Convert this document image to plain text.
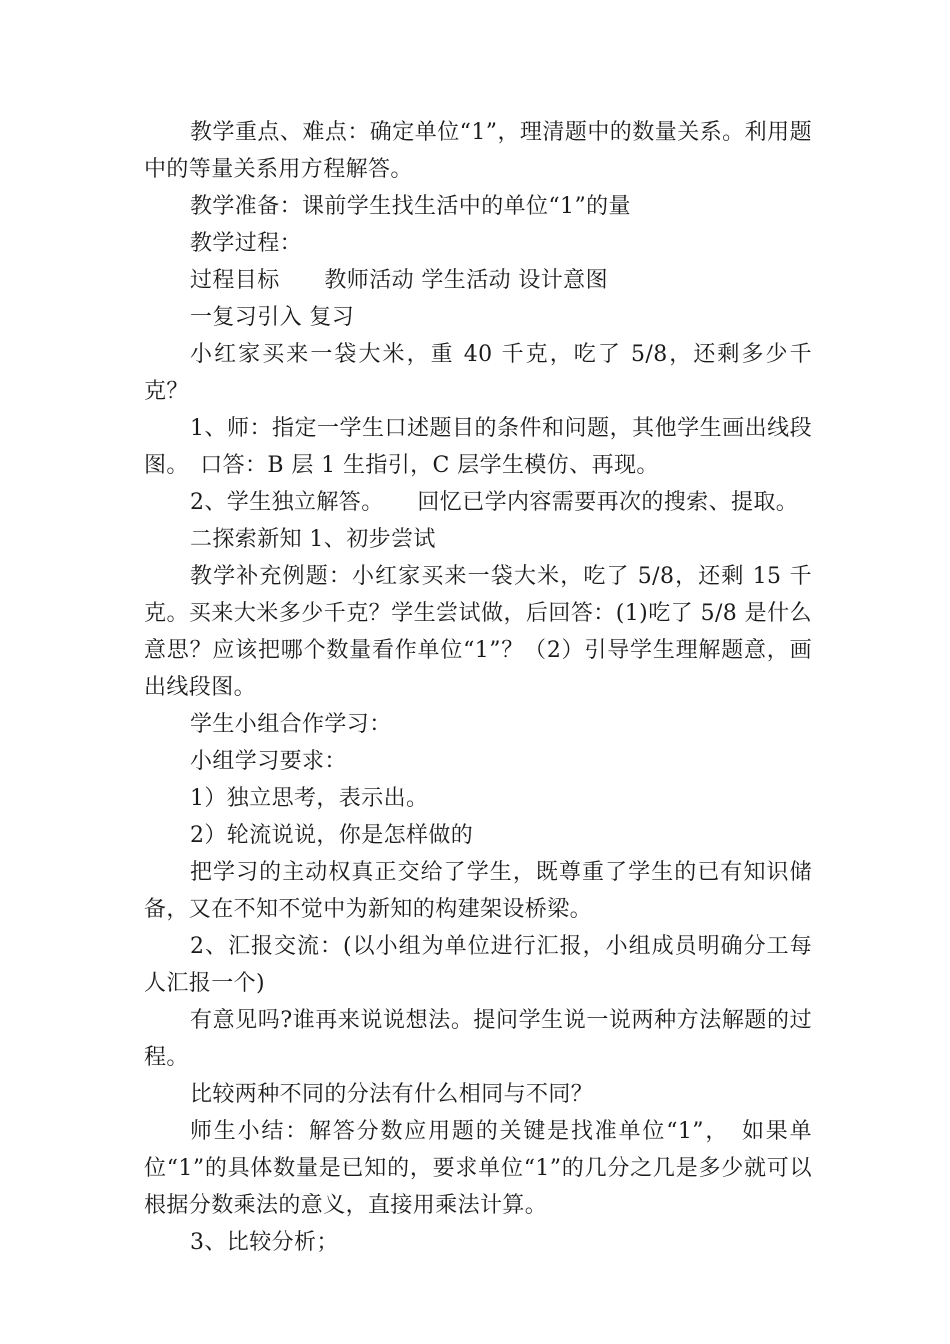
教学重点、难点：确定单位“1”，理清题中的数量关系。利用题中的等量关系用方程解答。

教学准备：课前学生找生活中的单位“1”的量

教学过程：

过程目标　　教师活动 学生活动 设计意图

一复习引入 复习

小红家买来一袋大米，重 40 千克，吃了 5/8，还剩多少千克？

1、师：指定一学生口述题目的条件和问题，其他学生画出线段图。　口答：B 层 1 生指引，C 层学生模仿、再现。

2、学生独立解答。　　回忆已学内容需要再次的搜索、提取。

二探索新知 1、初步尝试

教学补充例题：小红家买来一袋大米，吃了 5/8，还剩 15 千克。买来大米多少千克？学生尝试做，后回答：(1)吃了 5/8 是什么意思？应该把哪个数量看作单位“1”？（2）引导学生理解题意，画出线段图。

学生小组合作学习：

小组学习要求：

1）独立思考，表示出。

2）轮流说说，你是怎样做的

把学习的主动权真正交给了学生，既尊重了学生的已有知识储备，又在不知不觉中为新知的构建架设桥梁。

2、汇报交流：(以小组为单位进行汇报，小组成员明确分工每人汇报一个)

有意见吗?谁再来说说想法。提问学生说一说两种方法解题的过程。

比较两种不同的分法有什么相同与不同？

师生小结：解答分数应用题的关键是找准单位“1”，　如果单位“1”的具体数量是已知的，要求单位“1”的几分之几是多少就可以根据分数乘法的意义，直接用乘法计算。

3、比较分析；
